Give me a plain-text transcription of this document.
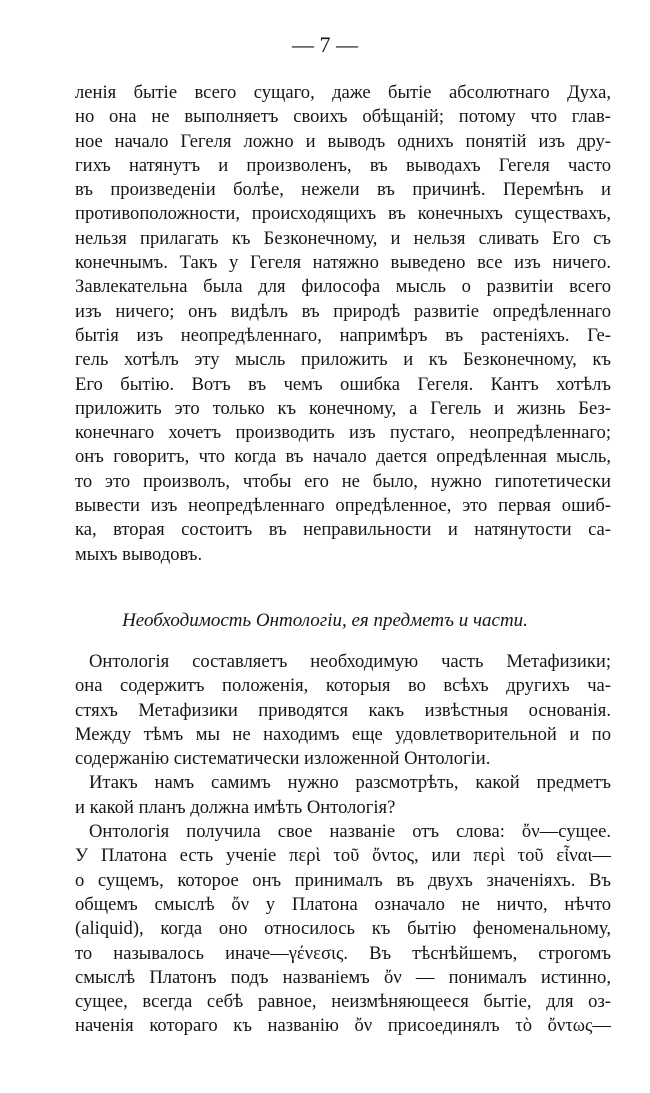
— 7 —
ленія бытіе всего сущаго, даже бытіе абсолютнаго Духа,
но она не выполняетъ своихъ обѣщаній; потому что глав-
ное начало Гегеля ложно и выводъ однихъ понятій изъ дру-
гихъ натянутъ и произволенъ, въ выводахъ Гегеля часто
въ произведеніи болѣе, нежели въ причинѣ. Перемѣнъ и
противоположности, происходящихъ въ конечныхъ существахъ,
нельзя прилагать къ Безконечному, и нельзя сливать Его съ
конечнымъ. Такъ у Гегеля натяжно выведено все изъ ничего.
Завлекательна была для философа мысль о развитіи всего
изъ ничего; онъ видѣлъ въ природѣ развитіе опредѣленнаго
бытія изъ неопредѣленнаго, напримѣръ въ растеніяхъ. Ге-
гель хотѣлъ эту мысль приложить и къ Безконечному, къ
Его бытію. Вотъ въ чемъ ошибка Гегеля. Кантъ хотѣлъ
приложить это только къ конечному, а Гегель и жизнь Без-
конечнаго хочетъ производить изъ пустаго, неопредѣленнаго;
онъ говоритъ, что когда въ начало дается опредѣленная мысль,
то это произволъ, чтобы его не было, нужно гипотетически
вывести изъ неопредѣленнаго опредѣленное, это первая ошиб-
ка, вторая состоитъ въ неправильности и натянутости са-
мыхъ выводовъ.
Необходимость Онтологіи, ея предметъ и части.
Онтологія составляетъ необходимую часть Метафизики;
она содержитъ положенія, которыя во всѣхъ другихъ ча-
стяхъ Метафизики приводятся какъ извѣстныя основанія.
Между тѣмъ мы не находимъ еще удовлетворительной и по
содержанію систематически изложенной Онтологіи.
Итакъ намъ самимъ нужно разсмотрѣть, какой предметъ
и какой планъ должна имѣть Онтологія?
Онтологія получила свое названіе отъ слова: ὄν—сущее.
У Платона есть ученіе περὶ τοῦ ὄντος, или περὶ τοῦ εἶναι—
о сущемъ, которое онъ принималъ въ двухъ значеніяхъ. Въ
общемъ смыслѣ ὄν у Платона означало не ничто, нѣчто
(aliquid), когда оно относилось къ бытію феноменальному,
то называлось иначе—γένεσις. Въ тѣснѣйшемъ, строгомъ
смыслѣ Платонъ подъ названіемъ ὄν — понималъ истинно,
сущее, всегда себѣ равное, неизмѣняющееся бытіе, для оз-
наченія котораго къ названію ὄν присоединялъ τὸ ὄντως—
